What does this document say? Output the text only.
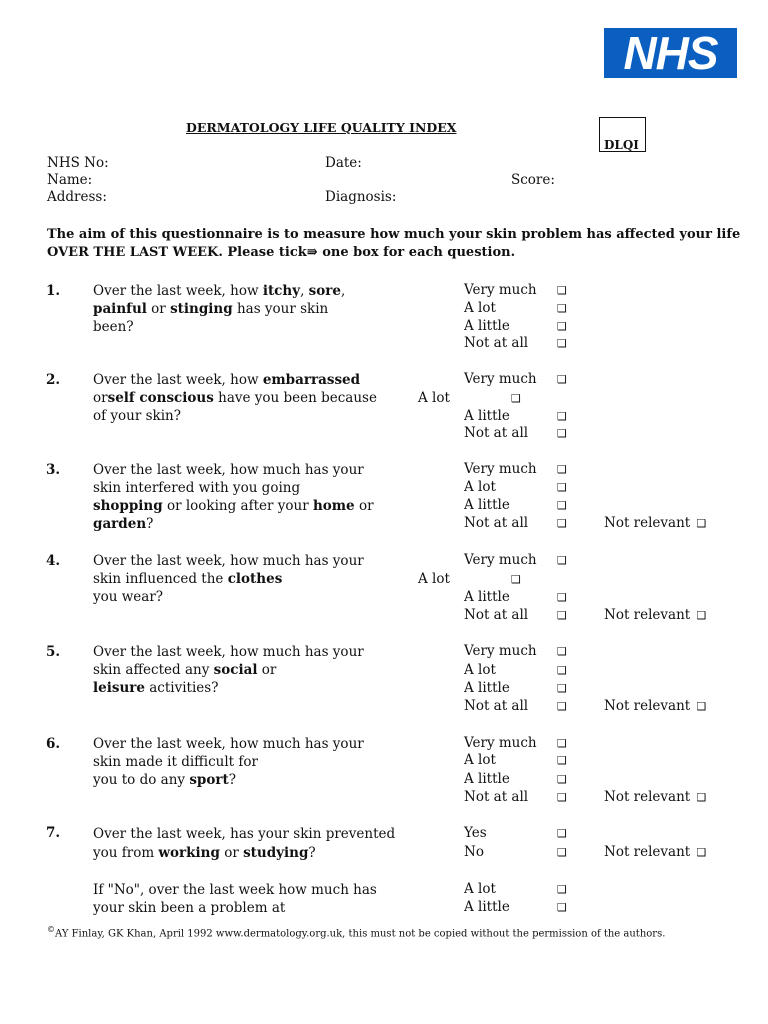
NHS
DERMATOLOGY LIFE QUALITY INDEX
DLQI
NHS No:	Date:
Name:	Score:
Address:	Diagnosis:
The aim of this questionnaire is to measure how much your skin problem has affected your life
OVER THE LAST WEEK. Please tick⇛ one box for each question.
1. Over the last week, how itchy, sore,
painful or stinging has your skin
been?
Very much ❑
A lot	❑
A little	❑
Not at all	❑
2. Over the last week, how embarrassed
orself conscious have you been because
of your skin?
Very much ❑
A lot	❑
A little	❑
Not at all	❑
3. Over the last week, how much has your
skin interfered with you going
shopping or looking after your home or
garden?
Very much ❑
A lot	❑
A little	❑
Not at all	❑	Not relevant ❑
4. Over the last week, how much has your
skin influenced the clothes
you wear?
Very much ❑
A lot	❑
A little	❑
Not at all	❑	Not relevant ❑
5. Over the last week, how much has your
skin affected any social or
leisure activities?
Very much ❑
A lot	❑
A little	❑
Not at all	❑	Not relevant ❑
6. Over the last week, how much has your
skin made it difficult for
you to do any sport?
Very much ❑
A lot	❑
A little	❑
Not at all	❑	Not relevant ❑
7. Over the last week, has your skin prevented
you from working or studying?
Yes	❑
No	❑	Not relevant ❑
If "No", over the last week how much has
your skin been a problem at
A lot	❑
A little	❑
©AY Finlay, GK Khan, April 1992 www.dermatology.org.uk, this must not be copied without the permission of the authors.
